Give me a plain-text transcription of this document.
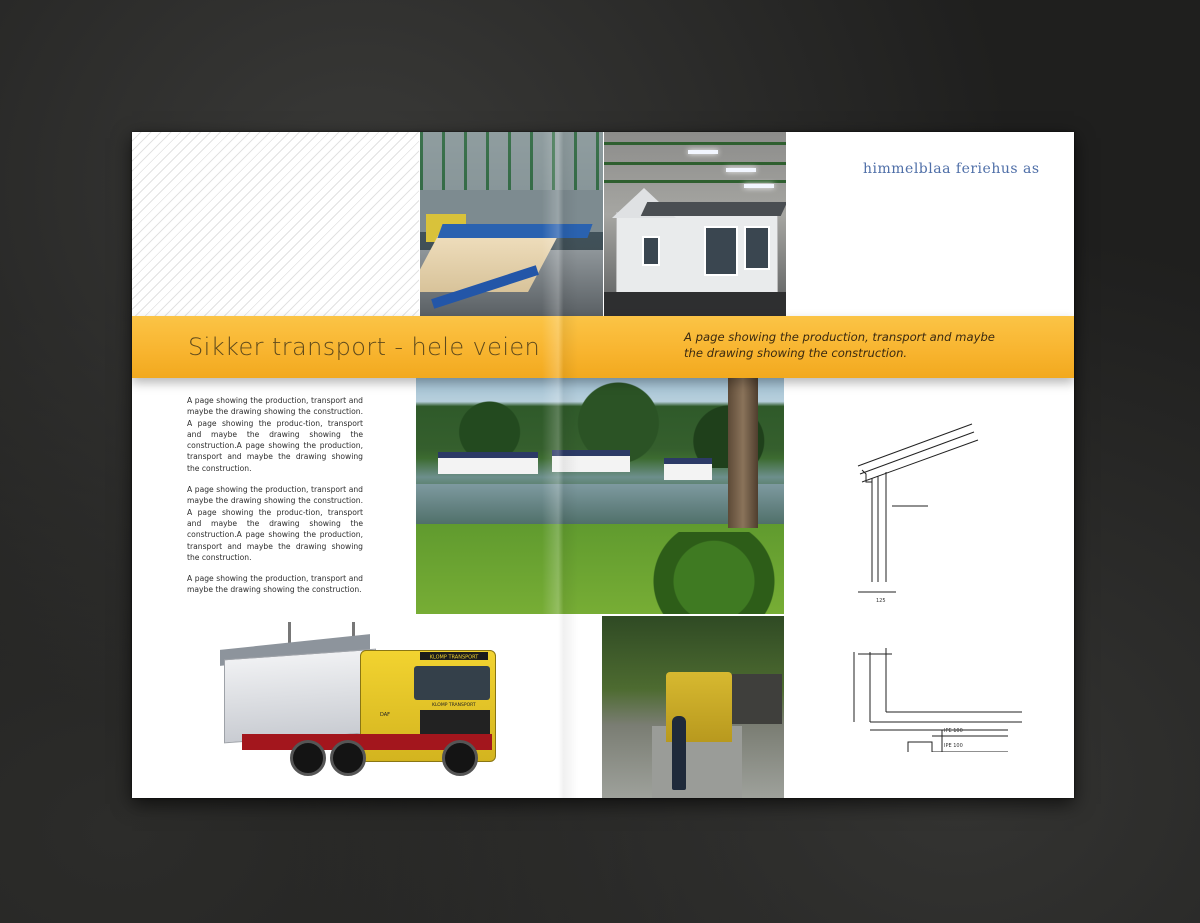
himmelblaa feriehus as
Sikker transport - hele veien	A page showing the production, transport and maybe the drawing showing the construction.

A page showing the production, transport and maybe the drawing showing the construction. A page showing the produc-tion, transport and maybe the drawing showing the construction.A page showing the production, transport and maybe the drawing showing the construction.

A page showing the production, transport and maybe the drawing showing the construction. A page showing the produc-tion, transport and maybe the drawing showing the construction.A page showing the production, transport and maybe the drawing showing the construction.

A page showing the production, transport and maybe the drawing showing the construction.

KLOMP TRANSPORT
KLOMP TRANSPORT
DAF
125
IPE 100
IPE 100
